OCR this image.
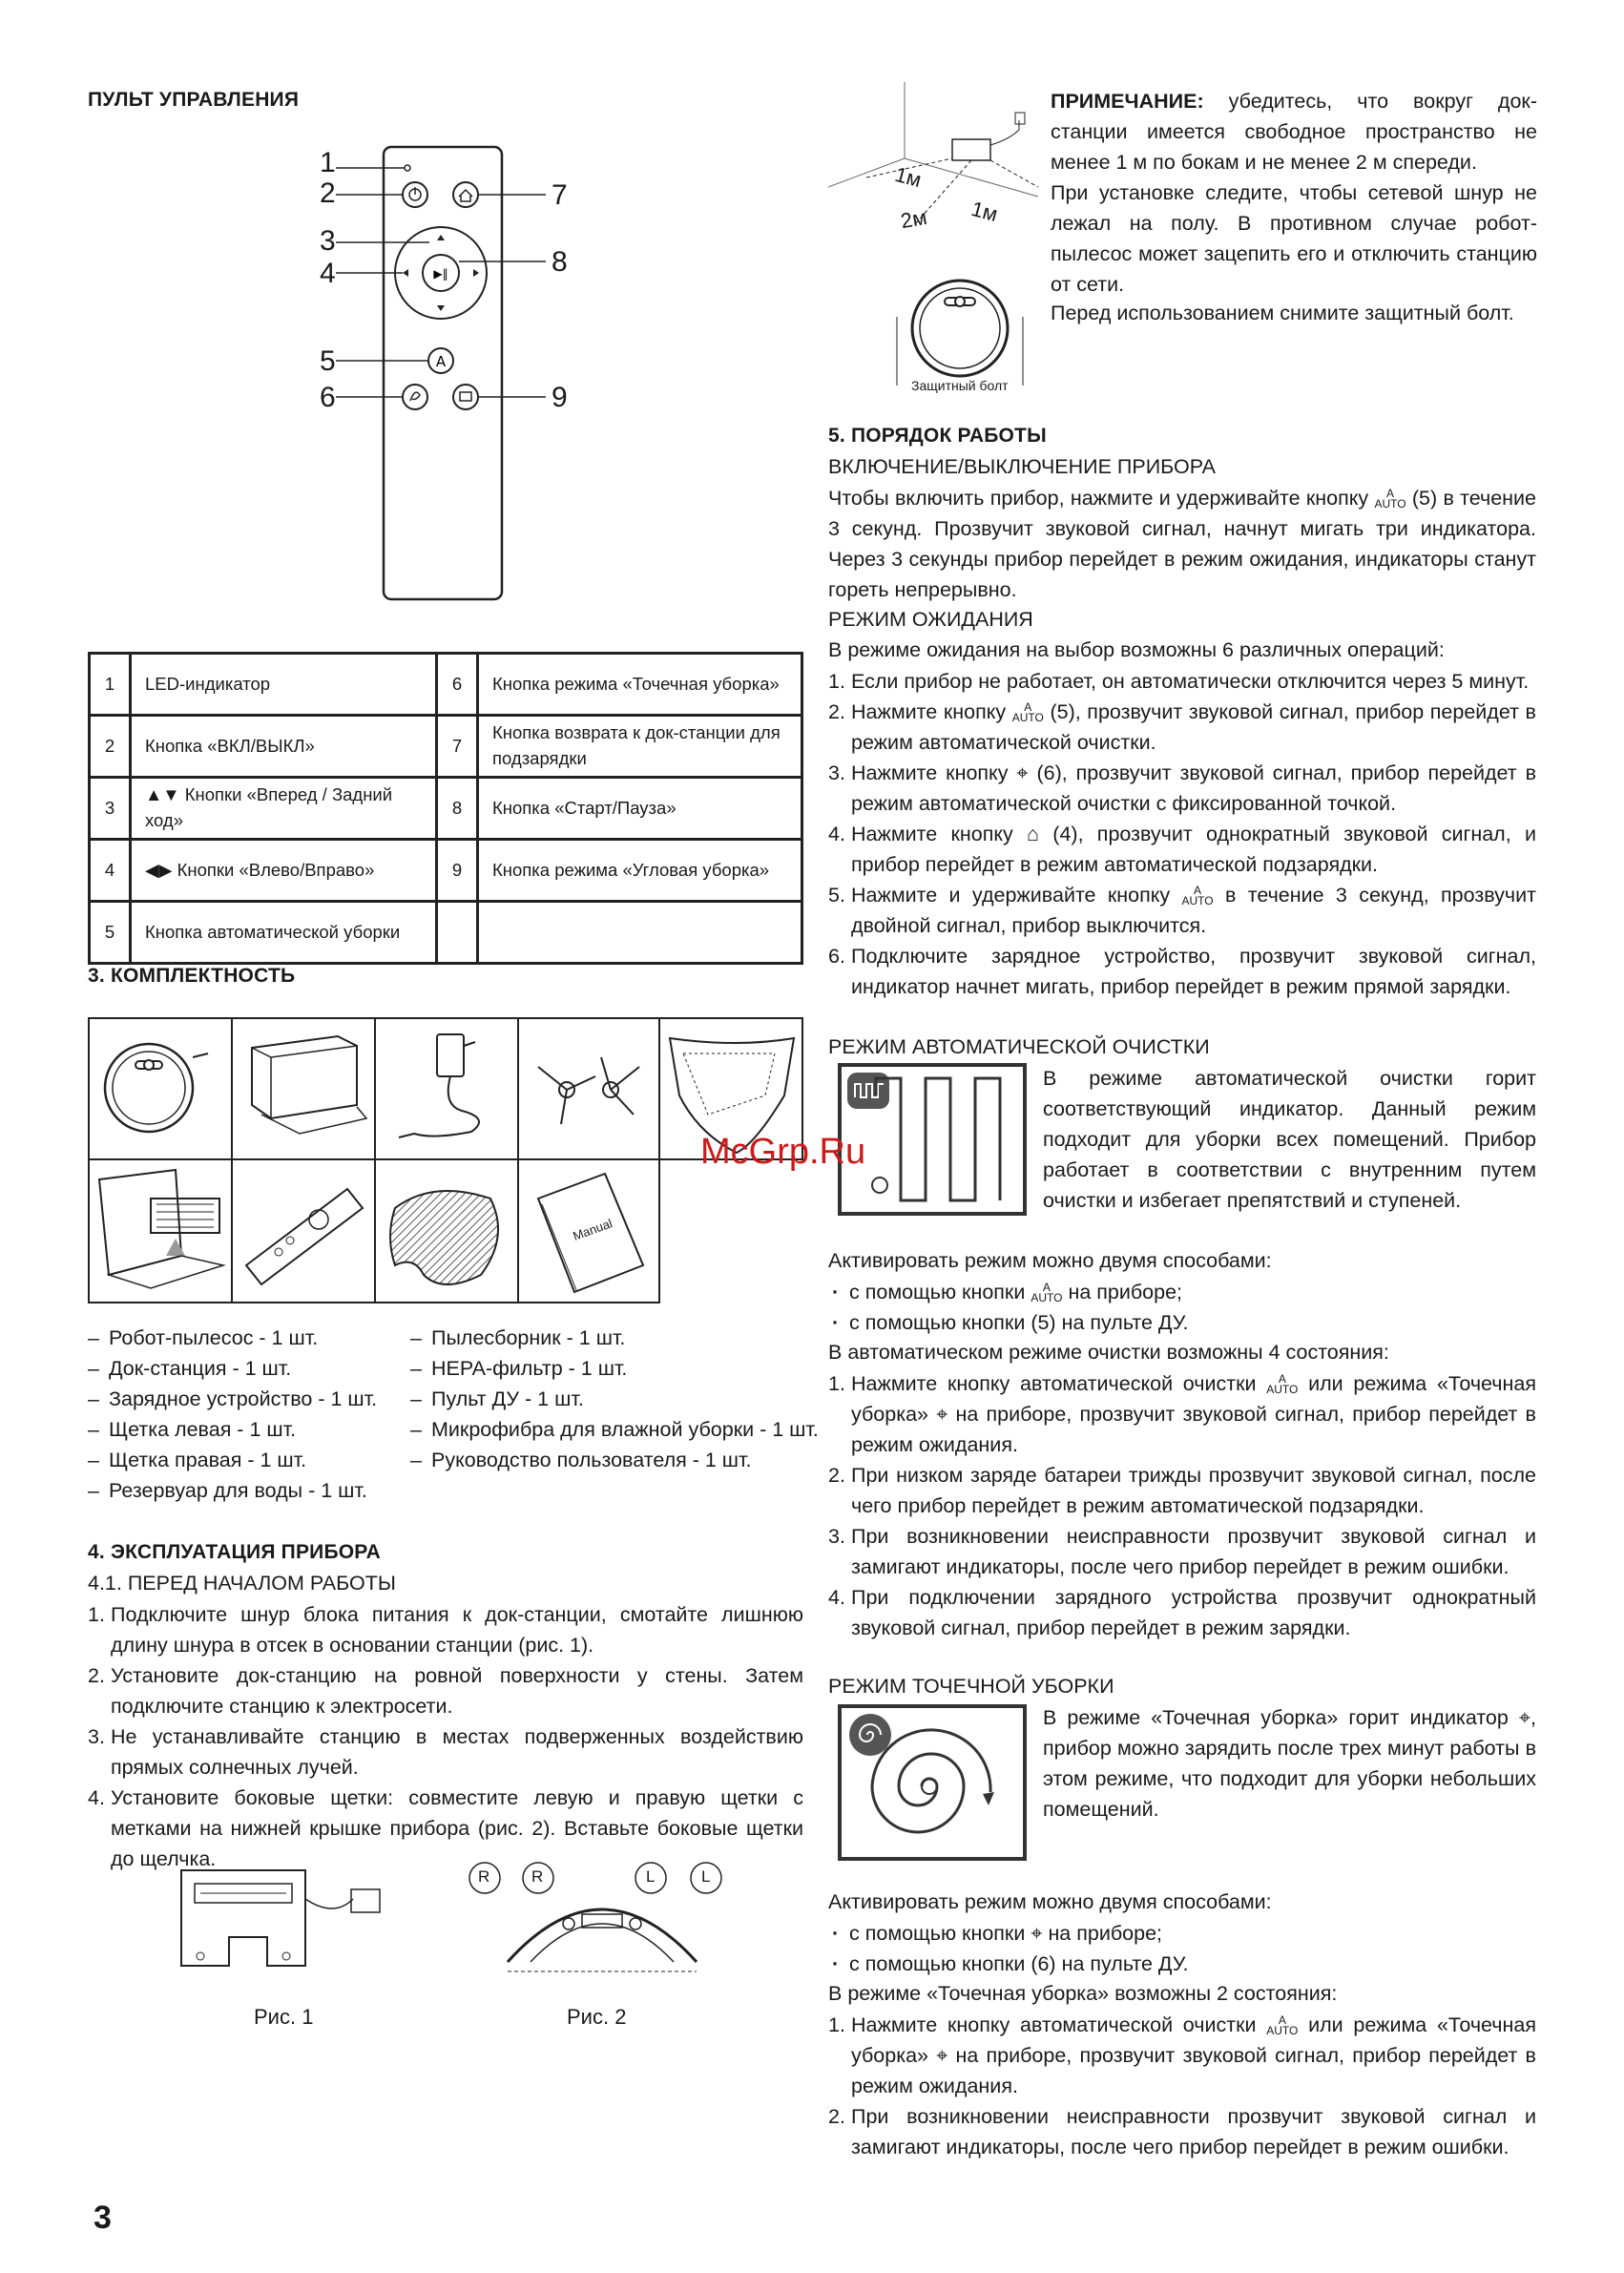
ПУЛЬТ УПРАВЛЕНИЯ
▶‖
A
1
2
3
4
5
6
7
8
9
1	LED-индикатор	6	Кнопка режима «Точечная уборка»
2	Кнопка «ВКЛ/ВЫКЛ»	7	Кнопка возврата к док-станции для подзарядки
3	▲▼ Кнопки «Вперед / Задний ход»	8	Кнопка «Старт/Пауза»
4	◀▶ Кнопки «Влево/Вправо»	9	Кнопка режима «Угловая уборка»
5	Кнопка автоматической уборки		
3. КОМПЛЕКТНОСТЬ
Manual
– Робот-пылесос - 1 шт.
– Док-станция - 1 шт.
– Зарядное устройство - 1 шт.
– Щетка левая - 1 шт.
– Щетка правая - 1 шт.
– Резервуар для воды - 1 шт.
– Пылесборник - 1 шт.
– HEPA-фильтр - 1 шт.
– Пульт ДУ - 1 шт.
– Микрофибра для влажной уборки - 1 шт.
– Руководство пользователя - 1 шт.
4. ЭКСПЛУАТАЦИЯ ПРИБОРА
4.1. ПЕРЕД НАЧАЛОМ РАБОТЫ
1. Подключите шнур блока питания к док-станции, смотайте лишнюю длину шнура в отсек в основании станции (рис. 1).
2. Установите док-станцию на ровной поверхности у стены. Затем подключите станцию к электросети.
3. Не устанавливайте станцию в местах подверженных воздействию прямых солнечных лучей.
4. Установите боковые щетки: совместите левую и правую щетки с метками на нижней крышке прибора (рис. 2). Вставьте боковые щетки до щелчка.
Рис. 1
R	R	L	L
Рис. 2
3
1м
1м
2м
Защитный болт
ПРИМЕЧАНИЕ: убедитесь, что вокруг док-станции имеется свободное пространство не менее 1 м по бокам и не менее 2 м спереди.
При установке следите, чтобы сетевой шнур не лежал на полу. В противном случае робот-пылесос может зацепить его и отключить станцию от сети.
Перед использованием снимите защитный болт.
5. ПОРЯДОК РАБОТЫ
ВКЛЮЧЕНИЕ/ВЫКЛЮЧЕНИЕ ПРИБОРА
Чтобы включить прибор, нажмите и удерживайте кнопку A
AUTO (5) в течение 3 секунд. Прозвучит звуковой сигнал, начнут мигать три индикатора. Через 3 секунды прибор перейдет в режим ожидания, индикаторы станут гореть непрерывно.
РЕЖИМ ОЖИДАНИЯ
В режиме ожидания на выбор возможны 6 различных операций:
1. Если прибор не работает, он автоматически отключится через 5 минут.
2. Нажмите кнопку A
AUTO (5), прозвучит звуковой сигнал, прибор перейдет в режим автоматической очистки.
3. Нажмите кнопку ⌖ (6), прозвучит звуковой сигнал, прибор перейдет в режим автоматической очистки с фиксированной точкой.
4. Нажмите кнопку ⌂ (4), прозвучит однократный звуковой сигнал, и прибор перейдет в режим автоматической подзарядки.
5. Нажмите и удерживайте кнопку A
AUTO в течение 3 секунд, прозвучит двойной сигнал, прибор выключится.
6. Подключите зарядное устройство, прозвучит звуковой сигнал, индикатор начнет мигать, прибор перейдет в режим прямой зарядки.
РЕЖИМ АВТОМАТИЧЕСКОЙ ОЧИСТКИ
В режиме автоматической очистки горит соответствующий индикатор. Данный режим подходит для уборки всех помещений. Прибор работает в соответствии с внутренним путем очистки и избегает препятствий и ступеней.
Активировать режим можно двумя способами:
· с помощью кнопки A
AUTO на приборе;
· с помощью кнопки (5) на пульте ДУ.
В автоматическом режиме очистки возможны 4 состояния:
1. Нажмите кнопку автоматической очистки A
AUTO или режима «Точечная уборка» ⌖ на приборе, прозвучит звуковой сигнал, прибор перейдет в режим ожидания.
2. При низком заряде батареи трижды прозвучит звуковой сигнал, после чего прибор перейдет в режим автоматической подзарядки.
3. При возникновении неисправности прозвучит звуковой сигнал и замигают индикаторы, после чего прибор перейдет в режим ошибки.
4. При подключении зарядного устройства прозвучит однократный звуковой сигнал, прибор перейдет в режим зарядки.
РЕЖИМ ТОЧЕЧНОЙ УБОРКИ
В режиме «Точечная уборка» горит индикатор ⌖, прибор можно зарядить после трех минут работы в этом режиме, что подходит для уборки небольших помещений.
Активировать режим можно двумя способами:
· с помощью кнопки ⌖ на приборе;
· с помощью кнопки (6) на пульте ДУ.
В режиме «Точечная уборка» возможны 2 состояния:
1. Нажмите кнопку автоматической очистки A
AUTO или режима «Точечная уборка» ⌖ на приборе, прозвучит звуковой сигнал, прибор перейдет в режим ожидания.
2. При возникновении неисправности прозвучит звуковой сигнал и замигают индикаторы, после чего прибор перейдет в режим ошибки.
McGrp.Ru
